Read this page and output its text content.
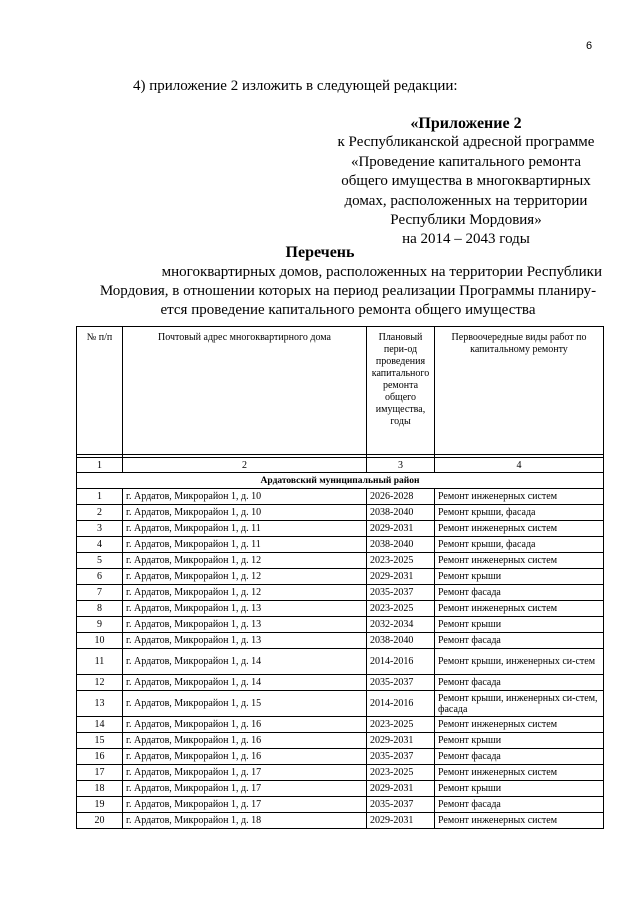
6
4) приложение 2 изложить в следующей редакции:
«Приложение 2
к Республиканской адресной программе
«Проведение капитального ремонта
общего имущества в многоквартирных
домах, расположенных на территории
Республики Мордовия»
на 2014 – 2043 годы
Перечень
многоквартирных домов, расположенных на территории Республики
Мордовия, в отношении которых на период реализации Программы планиру-
ется проведение капитального ремонта общего имущества
№ п/п	Почтовый адрес многоквартирного дома	Плановый пери-од проведения капитального ремонта общего имущества, годы	Первоочередные виды работ по капитальному ремонту

1	2	3	4
Ардатовский муниципальный район			
1	г. Ардатов, Микрорайон 1, д. 10	2026-2028	Ремонт инженерных систем
2	г. Ардатов, Микрорайон 1, д. 10	2038-2040	Ремонт крыши, фасада
3	г. Ардатов, Микрорайон 1, д. 11	2029-2031	Ремонт инженерных систем
4	г. Ардатов, Микрорайон 1, д. 11	2038-2040	Ремонт крыши, фасада
5	г. Ардатов, Микрорайон 1, д. 12	2023-2025	Ремонт инженерных систем
6	г. Ардатов, Микрорайон 1, д. 12	2029-2031	Ремонт крыши
7	г. Ардатов, Микрорайон 1, д. 12	2035-2037	Ремонт фасада
8	г. Ардатов, Микрорайон 1, д. 13	2023-2025	Ремонт инженерных систем
9	г. Ардатов, Микрорайон 1, д. 13	2032-2034	Ремонт крыши
10	г. Ардатов, Микрорайон 1, д. 13	2038-2040	Ремонт фасада
11	г. Ардатов, Микрорайон 1, д. 14	2014-2016	Ремонт крыши, инженерных си-стем
12	г. Ардатов, Микрорайон 1, д. 14	2035-2037	Ремонт фасада
13	г. Ардатов, Микрорайон 1, д. 15	2014-2016	Ремонт крыши, инженерных си-стем, фасада
14	г. Ардатов, Микрорайон 1, д. 16	2023-2025	Ремонт инженерных систем
15	г. Ардатов, Микрорайон 1, д. 16	2029-2031	Ремонт крыши
16	г. Ардатов, Микрорайон 1, д. 16	2035-2037	Ремонт фасада
17	г. Ардатов, Микрорайон 1, д. 17	2023-2025	Ремонт инженерных систем
18	г. Ардатов, Микрорайон 1, д. 17	2029-2031	Ремонт крыши
19	г. Ардатов, Микрорайон 1, д. 17	2035-2037	Ремонт фасада
20	г. Ардатов, Микрорайон 1, д. 18	2029-2031	Ремонт инженерных систем
